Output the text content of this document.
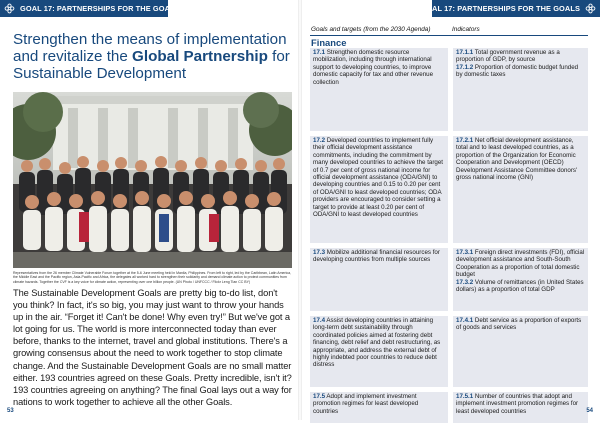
GOAL 17: PARTNERSHIPS FOR THE GOALS
Strengthen the means of implementation and revitalize the Global Partnership for Sustainable Development
Representatives from the 26 member Climate Vulnerable Forum together at the 5-6 June meeting held in Manila, Philippines. From left to right, led by the Caribbean, Latin America, the Middle East and the Pacific region, Asia-Pacific and Africa, the delegates all worked hard to strengthen their solidarity and demand climate action to protect communities from climate hazards. Together the CVF is a key voice for climate action, representing over one billion people. (UN Photo / UNFCCC / Flickr Leng Tian CC BY)
The Sustainable Development Goals are pretty big to-do list, don't you think? In fact, it's so big, you may just want to throw your hands up in the air. “Forget it! Can't be done! Why even try!” But we've got a lot going for us. The world is more interconnected today than ever before, thanks to the internet, travel and global institutions. There's a growing consensus about the need to work together to stop climate change. And the Sustainable Development Goals are no small matter either. 193 countries agreed on these Goals. Pretty incredible, isn't it? 193 countries agreeing on anything? The final Goal lays out a way for nations to work together to achieve all the other Goals.
53
GOAL 17: PARTNERSHIPS FOR THE GOALS
Goals and targets (from the 2030 Agenda)	Indicators
Finance
17.1 Strengthen domestic resource mobilization, including through international support to developing countries, to improve domestic capacity for tax and other revenue collection
17.1.1 Total government revenue as a proportion of GDP, by source
17.1.2 Proportion of domestic budget funded by domestic taxes
17.2 Developed countries to implement fully their official development assistance commitments, including the commitment by many developed countries to achieve the target of 0.7 per cent of gross national income for official development assistance (ODA/GNI) to developing countries and 0.15 to 0.20 per cent of ODA/GNI to least developed countries; ODA providers are encouraged to consider setting a target to provide at least 0.20 per cent of ODA/GNI to least developed countries
17.2.1 Net official development assistance, total and to least developed countries, as a proportion of the Organization for Economic Cooperation and Development (OECD) Development Assistance Committee donors' gross national income (GNI)
17.3 Mobilize additional financial resources for developing countries from multiple sources
17.3.1 Foreign direct investments (FDI), official development assistance and South-South Cooperation as a proportion of total domestic budget
17.3.2 Volume of remittances (in United States dollars) as a proportion of total GDP
17.4 Assist developing countries in attaining long-term debt sustainability through coordinated policies aimed at fostering debt financing, debt relief and debt restructuring, as appropriate, and address the external debt of highly indebted poor countries to reduce debt distress
17.4.1 Debt service as a proportion of exports of goods and services
17.5 Adopt and implement investment promotion regimes for least developed countries
17.5.1 Number of countries that adopt and implement investment promotion regimes for least developed countries	54
